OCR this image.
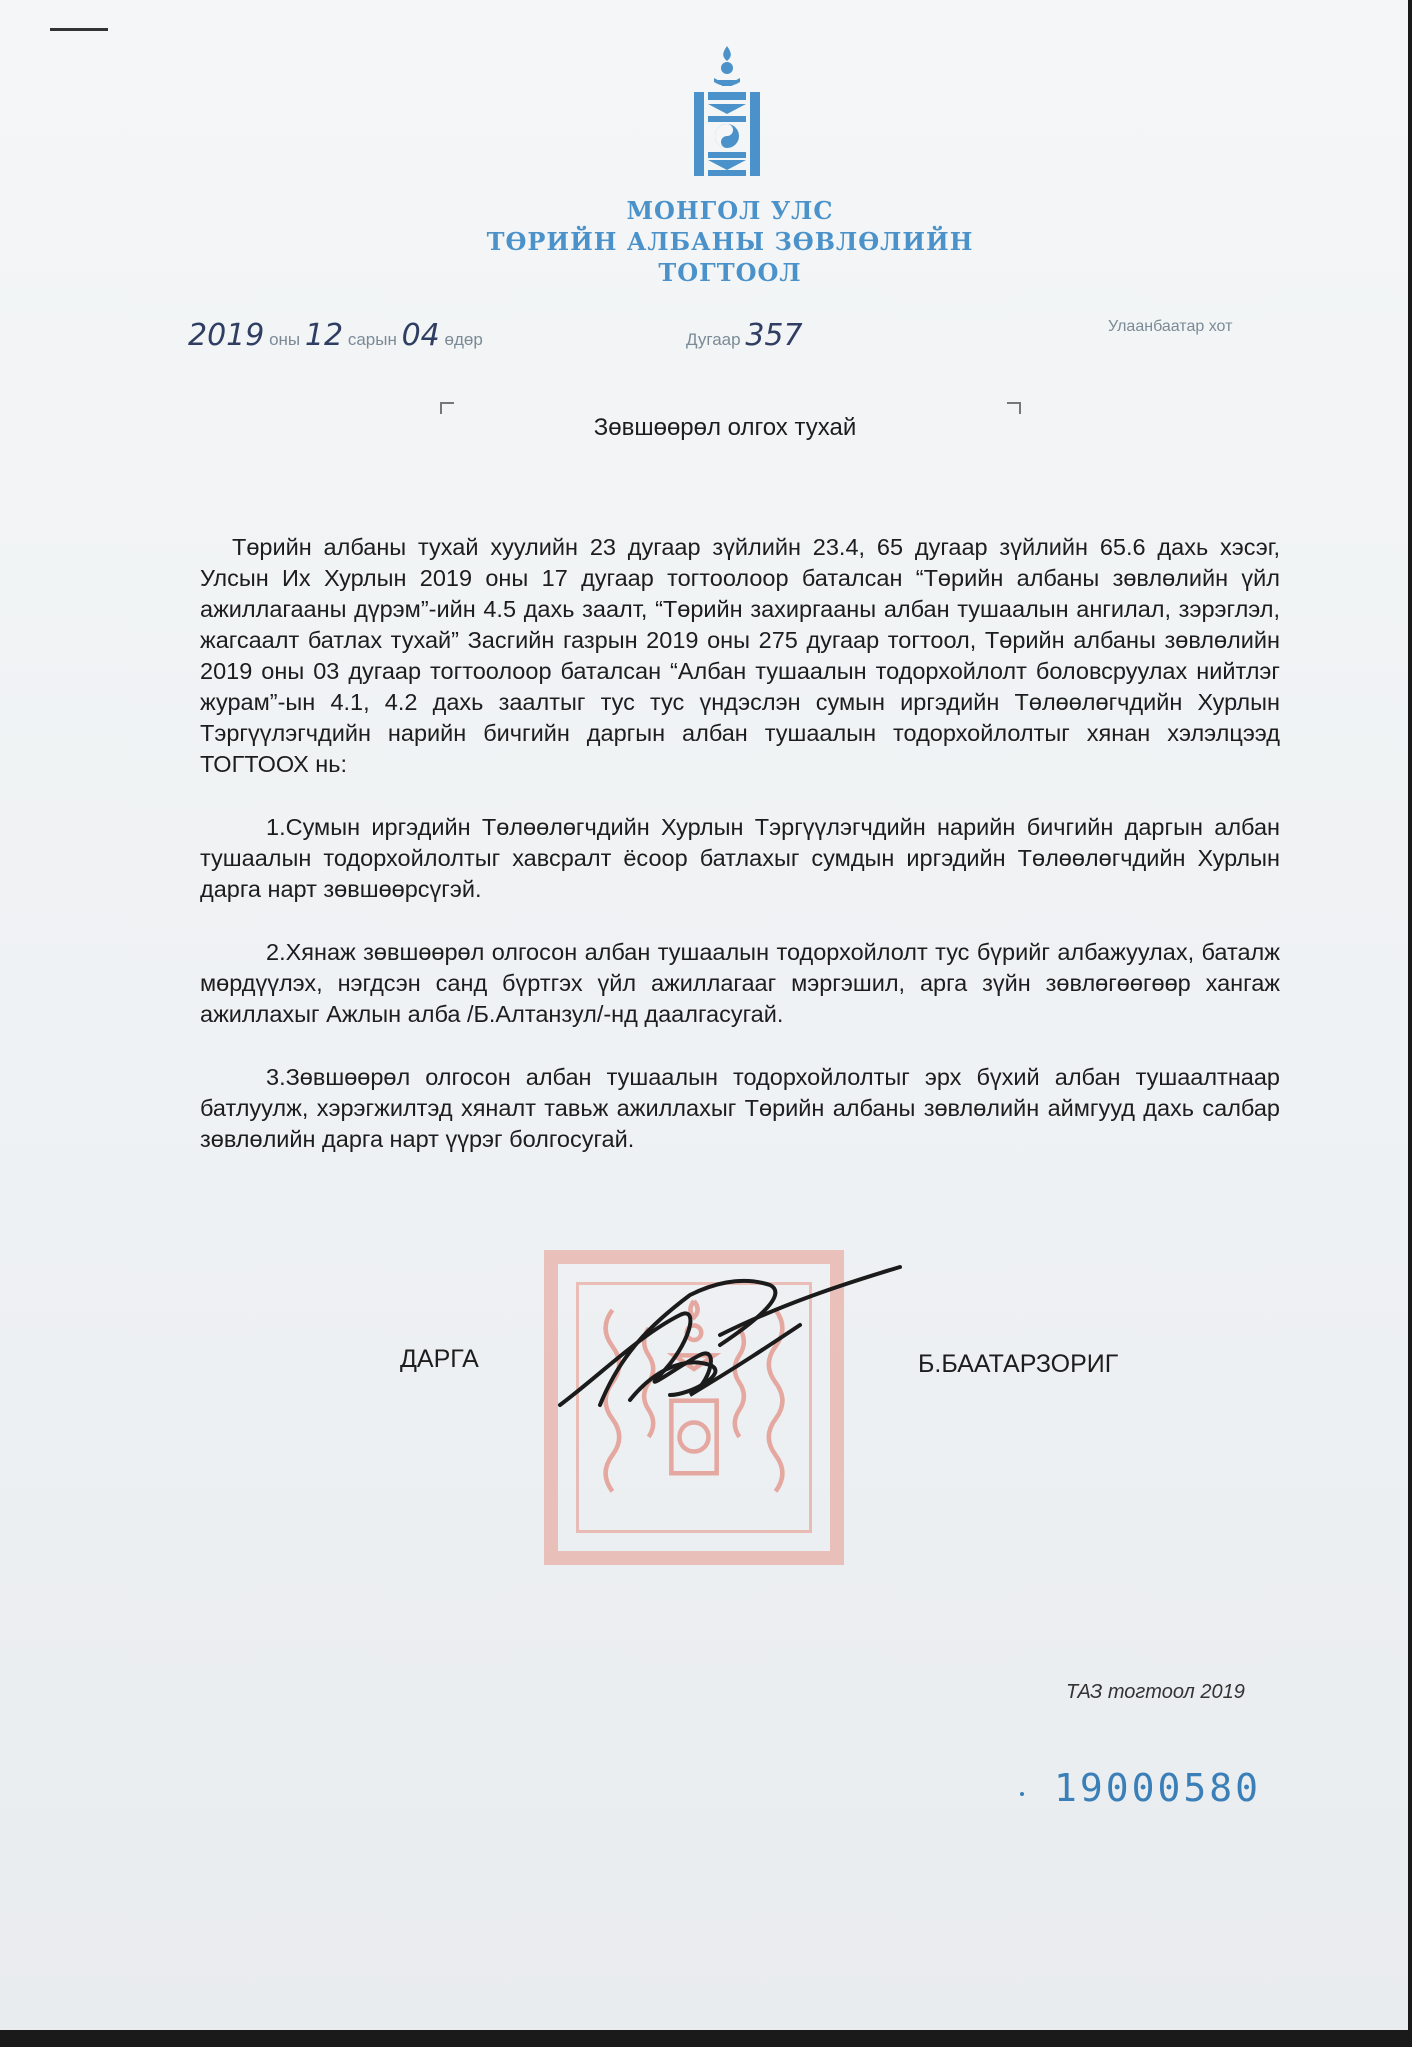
МОНГОЛ УЛС
ТӨРИЙН АЛБАНЫ ЗӨВЛӨЛИЙН
ТОГТООЛ
2019 оны 12 сарын 04 өдөр	Дугаар 357	Улаанбаатар хот
Зөвшөөрөл олгох тухай

Төрийн албаны тухай хуулийн 23 дугаар зүйлийн 23.4, 65 дугаар зүйлийн 65.6 дахь хэсэг, Улсын Их Хурлын 2019 оны 17 дугаар тогтоолоор баталсан “Төрийн албаны зөвлөлийн үйл ажиллагааны дүрэм”-ийн 4.5 дахь заалт, “Төрийн захиргааны албан тушаалын ангилал, зэрэглэл, жагсаалт батлах тухай” Засгийн газрын 2019 оны 275 дугаар тогтоол, Төрийн албаны зөвлөлийн 2019 оны 03 дугаар тогтоолоор баталсан “Албан тушаалын тодорхойлолт боловсруулах нийтлэг журам”-ын 4.1, 4.2 дахь заалтыг тус тус үндэслэн сумын иргэдийн Төлөөлөгчдийн Хурлын Тэргүүлэгчдийн нарийн бичгийн даргын албан тушаалын тодорхойлолтыг хянан хэлэлцээд ТОГТООХ нь:

1.Сумын иргэдийн Төлөөлөгчдийн Хурлын Тэргүүлэгчдийн нарийн бичгийн даргын албан тушаалын тодорхойлолтыг хавсралт ёсоор батлахыг сумдын иргэдийн Төлөөлөгчдийн Хурлын дарга нарт зөвшөөрсүгэй.

2.Хянаж зөвшөөрөл олгосон албан тушаалын тодорхойлолт тус бүрийг албажуулах, баталж мөрдүүлэх, нэгдсэн санд бүртгэх үйл ажиллагааг мэргэшил, арга зүйн зөвлөгөөгөөр хангаж ажиллахыг Ажлын алба /Б.Алтанзул/-нд даалгасугай.

3.Зөвшөөрөл олгосон албан тушаалын тодорхойлолтыг эрх бүхий албан тушаалтнаар батлуулж, хэрэгжилтэд хяналт тавьж ажиллахыг Төрийн албаны зөвлөлийн аймгууд дахь салбар зөвлөлийн дарга нарт үүрэг болгосугай.

ДАРГА	Б.БААТАРЗОРИГ
ТАЗ тогтоол 2019
19000580
